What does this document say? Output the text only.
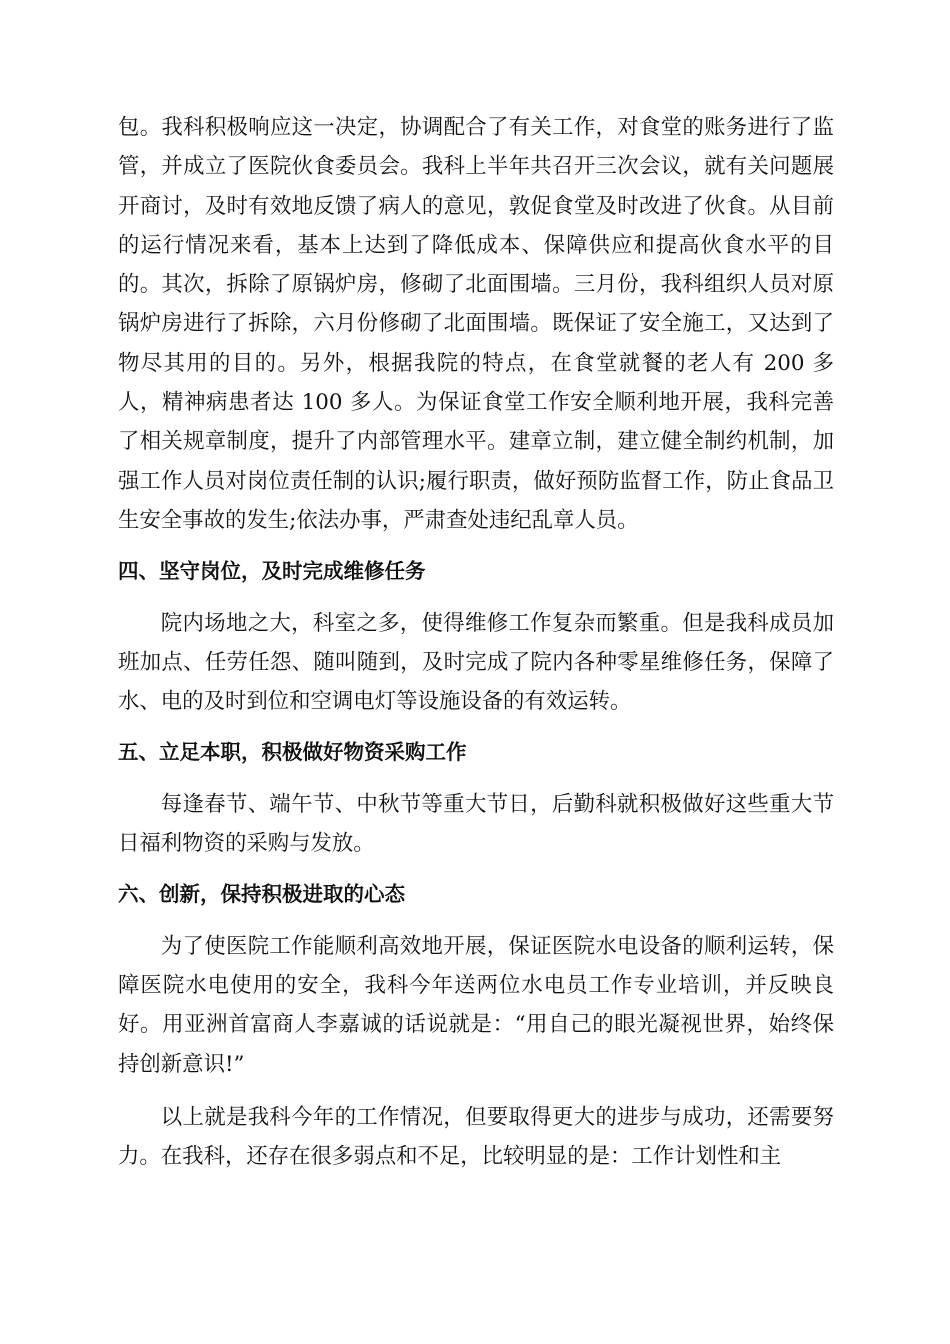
包。我科积极响应这一决定，协调配合了有关工作，对食堂的账务进行了监管，并成立了医院伙食委员会。我科上半年共召开三次会议，就有关问题展开商讨，及时有效地反馈了病人的意见，敦促食堂及时改进了伙食。从目前的运行情况来看，基本上达到了降低成本、保障供应和提高伙食水平的目的。其次，拆除了原锅炉房，修砌了北面围墙。三月份，我科组织人员对原锅炉房进行了拆除，六月份修砌了北面围墙。既保证了安全施工，又达到了物尽其用的目的。另外，根据我院的特点，在食堂就餐的老人有 200 多人，精神病患者达 100 多人。为保证食堂工作安全顺利地开展，我科完善了相关规章制度，提升了内部管理水平。建章立制，建立健全制约机制，加强工作人员对岗位责任制的认识;履行职责，做好预防监督工作，防止食品卫生安全事故的发生;依法办事，严肃查处违纪乱章人员。

四、坚守岗位，及时完成维修任务

院内场地之大，科室之多，使得维修工作复杂而繁重。但是我科成员加班加点、任劳任怨、随叫随到，及时完成了院内各种零星维修任务，保障了水、电的及时到位和空调电灯等设施设备的有效运转。

五、立足本职，积极做好物资采购工作

每逢春节、端午节、中秋节等重大节日，后勤科就积极做好这些重大节日福利物资的采购与发放。

六、创新，保持积极进取的心态

为了使医院工作能顺利高效地开展，保证医院水电设备的顺利运转，保障医院水电使用的安全，我科今年送两位水电员工作专业培训，并反映良好。用亚洲首富商人李嘉诚的话说就是：“用自己的眼光凝视世界，始终保持创新意识!”

以上就是我科今年的工作情况，但要取得更大的进步与成功，还需要努力。在我科，还存在很多弱点和不足，比较明显的是：工作计划性和主
